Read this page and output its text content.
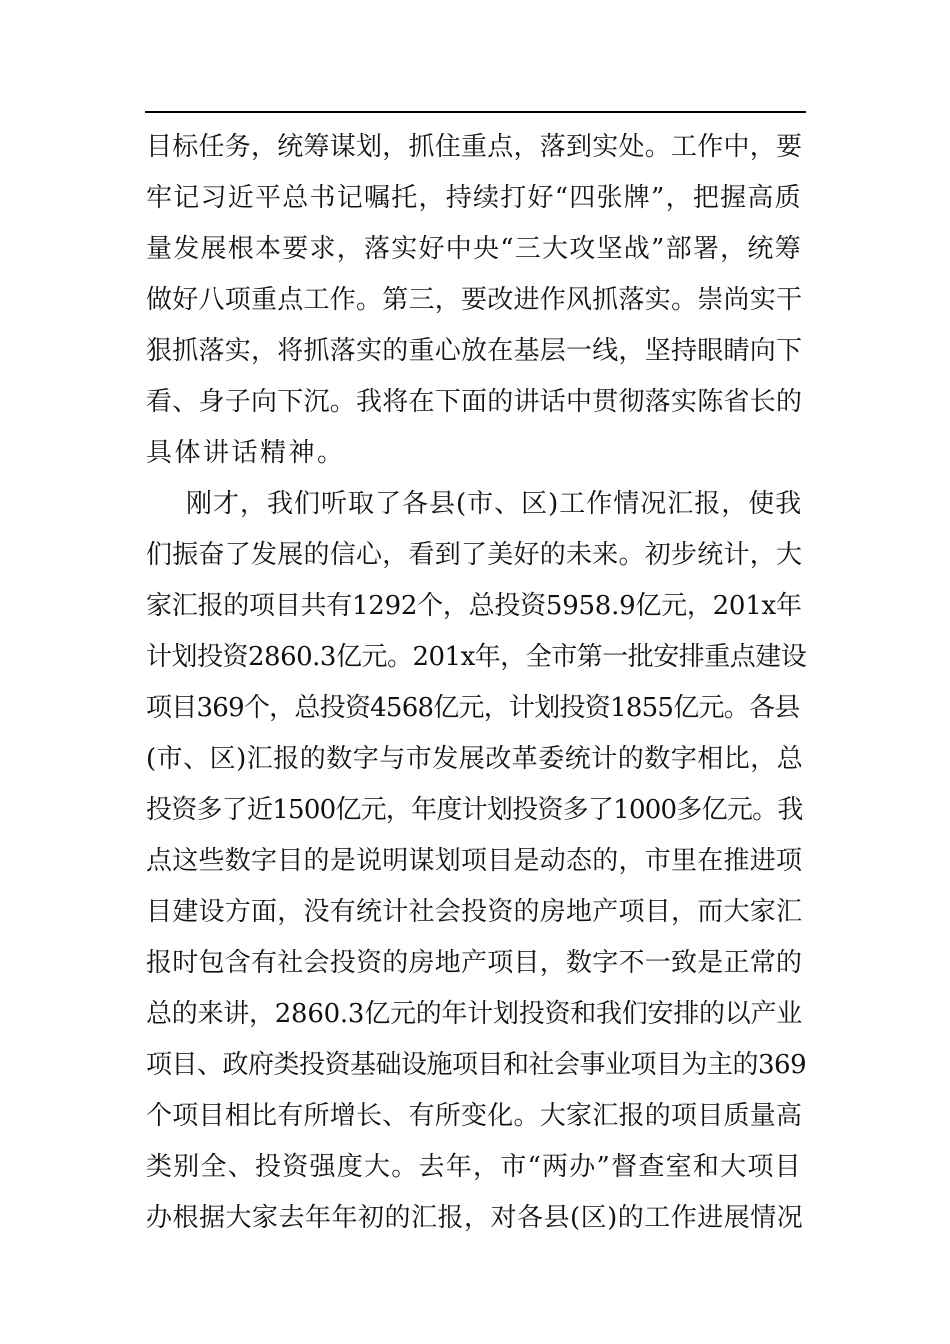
目标任务，统筹谋划，抓住重点，落到实处。工作中，要
牢记习近平总书记嘱托，持续打好“四张牌”，把握高质
量发展根本要求，落实好中央“三大攻坚战”部署，统筹
做好八项重点工作。第三，要改进作风抓落实。崇尚实干
狠抓落实，将抓落实的重心放在基层一线，坚持眼睛向下
看、身子向下沉。我将在下面的讲话中贯彻落实陈省长的
具体讲话精神。
刚才，我们听取了各县(市、区)工作情况汇报，使我
们振奋了发展的信心，看到了美好的未来。初步统计，大
家汇报的项目共有1292个，总投资5958.9亿元，201x年
计划投资2860.3亿元。201x年，全市第一批安排重点建设
项目369个，总投资4568亿元，计划投资1855亿元。各县
(市、区)汇报的数字与市发展改革委统计的数字相比，总
投资多了近1500亿元，年度计划投资多了1000多亿元。我
点这些数字目的是说明谋划项目是动态的，市里在推进项
目建设方面，没有统计社会投资的房地产项目，而大家汇
报时包含有社会投资的房地产项目，数字不一致是正常的
总的来讲，2860.3亿元的年计划投资和我们安排的以产业
项目、政府类投资基础设施项目和社会事业项目为主的369
个项目相比有所增长、有所变化。大家汇报的项目质量高
类别全、投资强度大。去年，市“两办”督查室和大项目
办根据大家去年年初的汇报，对各县(区)的工作进展情况
